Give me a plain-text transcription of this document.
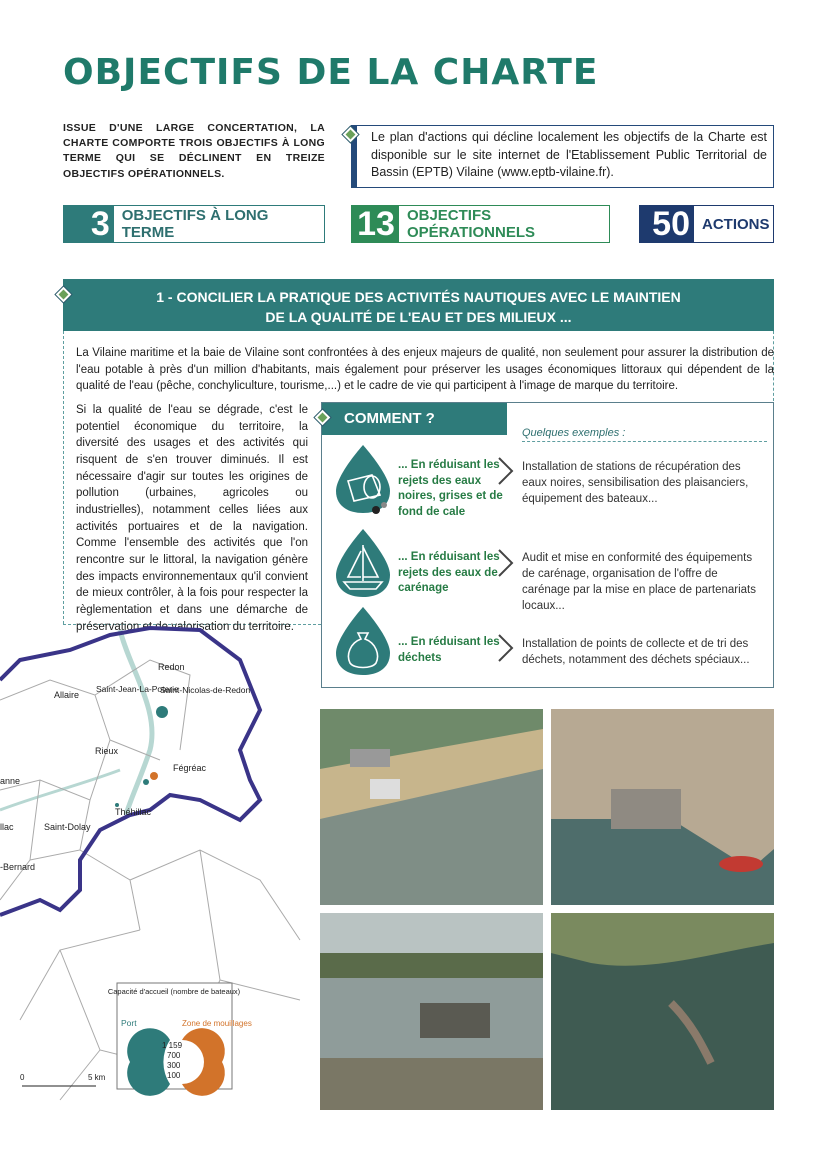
OBJECTIFS DE LA CHARTE
ISSUE D'UNE LARGE CONCERTATION, LA CHARTE COMPORTE TROIS OBJECTIFS À LONG TERME QUI SE DÉCLINENT EN TREIZE OBJECTIFS OPÉRATIONNELS.
Le plan d'actions qui décline localement les objectifs de la Charte est disponible sur le site internet de l'Etablissement Public Territorial de Bassin (EPTB) Vilaine (www.eptb-vilaine.fr).
3 OBJECTIFS À LONG TERME	13 OBJECTIFS OPÉRATIONNELS	50 ACTIONS
1 - CONCILIER LA PRATIQUE DES ACTIVITÉS NAUTIQUES AVEC LE MAINTIEN
DE LA QUALITÉ DE L'EAU ET DES MILIEUX ...

La Vilaine maritime et la baie de Vilaine sont confrontées à des enjeux majeurs de qualité, non seulement pour assurer la distribution de l'eau potable à près d'un million d'habitants, mais également pour préserver les usages économiques littoraux qui dépendent de la qualité de l'eau (pêche, conchyliculture, tourisme,...) et le cadre de vie qui participent à l'image de marque du territoire.

Si la qualité de l'eau se dégrade, c'est le potentiel économique du territoire, la diversité des usages et des activités qui risquent de s'en trouver diminués. Il est nécessaire d'agir sur toutes les origines de pollution (urbaines, agricoles ou industrielles), notamment celles liées aux activités portuaires et de la navigation. Comme l'ensemble des activités que l'on rencontre sur le littoral, la navigation génère des impacts environnementaux qu'il convient de mieux contrôler, à la fois pour respecter la règlementation et dans une démarche de préservation et de valorisation du territoire.

COMMENT ?
Quelques exemples :
... En réduisant les rejets des eaux noires, grises et de fond de cale
Installation de stations de récupération des eaux noires, sensibilisation des plaisanciers, équipement des bateaux...
... En réduisant les rejets des eaux de carénage
Audit et mise en conformité des équipements de carénage, organisation de l'offre de carénage par la mise en place de partenariats locaux...
... En réduisant les déchets
Installation de points de collecte et de tri des déchets, notamment des déchets spéciaux...
Redon
Allaire
Saint-Jean-La-Poterie
Saint-Nicolas-de-Redon
Rieux
Fégréac
Théhillac
Saint-Dolay
anne
llac
-Bernard
Capacité d'accueil (nombre de bateaux)
Port	Zone de mouillages
1 159
700
300
100
0	5 km
